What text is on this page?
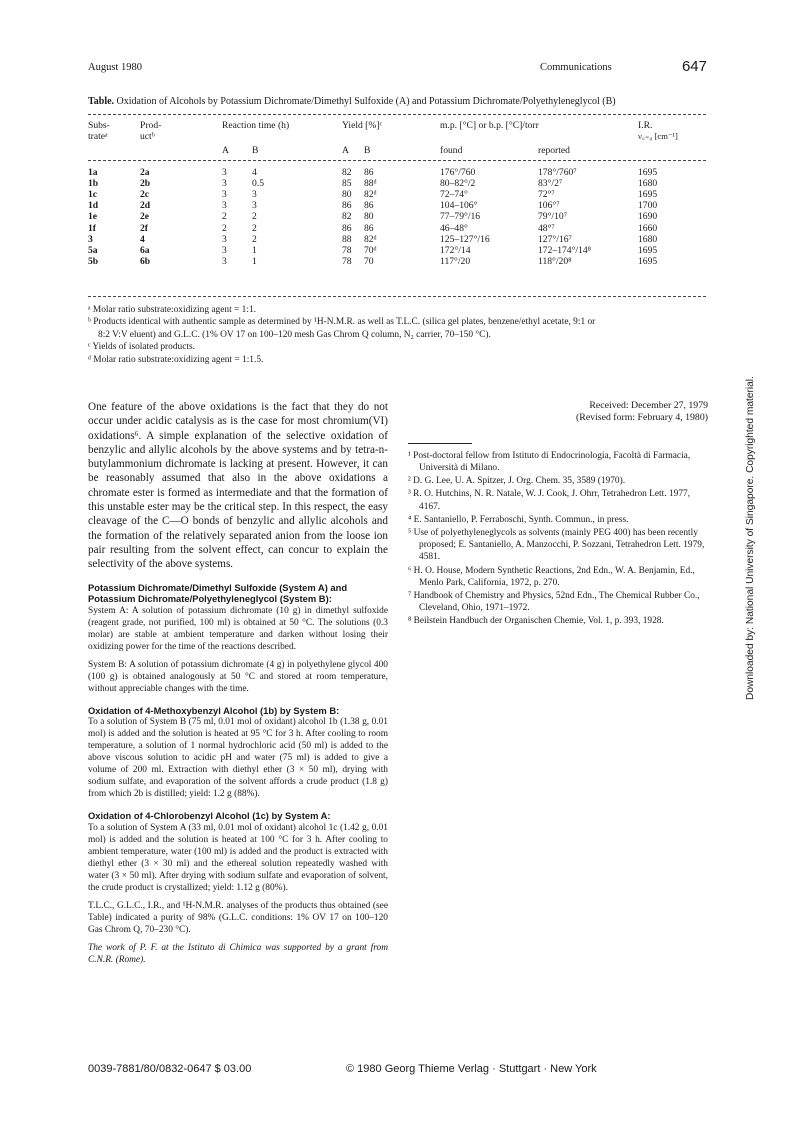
August 1980	Communications	647
Table. Oxidation of Alcohols by Potassium Dichromate/Dimethyl Sulfoxide (A) and Potassium Dichromate/Polyethyleneglycol (B)
Subs-
trateᵃ	Prod-
uctᵇ	Reaction time (h)		Yield [%]ᶜ		m.p. [°C] or b.p. [°C]/torr		I.R.
ν꜀₌₀ [cm⁻¹]
		A	B	A	B	found	reported	

1a	2a	3	4	82	86	176°/760	178°/760⁷	1695
1b	2b	3	0.5	85	88ᵈ	80–82°/2	83°/2⁷	1680
1c	2c	3	3	80	82ᵈ	72–74°	72°⁷	1695
1d	2d	3	3	86	86	104–106°	106°⁷	1700
1e	2e	2	2	82	80	77–79°/16	79°/10⁷	1690
1f	2f	2	2	86	86	46–48°	48°⁷	1660
3	4	3	2	88	82ᵈ	125–127°/16	127°/16⁷	1680
5a	6a	3	1	78	70ᵈ	172°/14	172–174°/14⁸	1695
5b	6b	3	1	78	70	117°/20	118°/20⁸	1695
ᵃ Molar ratio substrate:oxidizing agent = 1:1.
ᵇ Products identical with authentic sample as determined by ¹H-N.M.R. as well as T.L.C. (silica gel plates, benzene/ethyl acetate, 9:1 or
8:2 V:V eluent) and G.L.C. (1% OV 17 on 100–120 mesh Gas Chrom Q column, N₂ carrier, 70–150 °C).
ᶜ Yields of isolated products.
ᵈ Molar ratio substrate:oxidizing agent = 1:1.5.

One feature of the above oxidations is the fact that they do not occur under acidic catalysis as is the case for most chromium(VI) oxidations⁶. A simple explanation of the selective oxidation of benzylic and allylic alcohols by the above systems and by tetra-n-butylammonium dichromate is lacking at present. However, it can be reasonably assumed that also in the above oxidations a chromate ester is formed as intermediate and that the formation of this unstable ester may be the critical step. In this respect, the easy cleavage of the C—O bonds of benzylic and allylic alcohols and the formation of the relatively separated anion from the loose ion pair resulting from the solvent effect, can concur to explain the selectivity of the above systems.

Potassium Dichromate/Dimethyl Sulfoxide (System A) and Potassium Dichromate/Polyethyleneglycol (System B):

System A: A solution of potassium dichromate (10 g) in dimethyl sulfoxide (reagent grade, not purified, 100 ml) is obtained at 50 °C. The solutions (0.3 molar) are stable at ambient temperature and darken without losing their oxidizing power for the time of the reactions described.

System B: A solution of potassium dichromate (4 g) in polyethylene glycol 400 (100 g) is obtained analogously at 50 °C and stored at room temperature, without appreciable changes with the time.

Oxidation of 4-Methoxybenzyl Alcohol (1b) by System B:

To a solution of System B (75 ml, 0.01 mol of oxidant) alcohol 1b (1.38 g, 0.01 mol) is added and the solution is heated at 95 °C for 3 h. After cooling to room temperature, a solution of 1 normal hydrochloric acid (50 ml) is added to the above viscous solution to acidic pH and water (75 ml) is added to give a volume of 200 ml. Extraction with diethyl ether (3 × 50 ml), drying with sodium sulfate, and evaporation of the solvent affords a crude product (1.8 g) from which 2b is distilled; yield: 1.2 g (88%).

Oxidation of 4-Chlorobenzyl Alcohol (1c) by System A:

To a solution of System A (33 ml, 0.01 mol of oxidant) alcohol 1c (1.42 g, 0.01 mol) is added and the solution is heated at 100 °C for 3 h. After cooling to ambient temperature, water (100 ml) is added and the product is extracted with diethyl ether (3 × 30 ml) and the ethereal solution repeatedly washed with water (3 × 50 ml). After drying with sodium sulfate and evaporation of solvent, the crude product is crystallized; yield: 1.12 g (80%).

T.L.C., G.L.C., I.R., and ¹H-N.M.R. analyses of the products thus obtained (see Table) indicated a purity of 98% (G.L.C. conditions: 1% OV 17 on 100–120 Gas Chrom Q, 70–230 °C).

The work of P. F. at the Istituto di Chimica was supported by a grant from C.N.R. (Rome).

Received: December 27, 1979
(Revised form: February 4, 1980)
¹ Post-doctoral fellow from Istituto di Endocrinologia, Facoltà di Farmacia, Università di Milano.
² D. G. Lee, U. A. Spitzer, J. Org. Chem. 35, 3589 (1970).
³ R. O. Hutchins, N. R. Natale, W. J. Cook, J. Ohrr, Tetrahedron Lett. 1977, 4167.
⁴ E. Santaniello, P. Ferraboschi, Synth. Commun., in press.
⁵ Use of polyethyleneglycols as solvents (mainly PEG 400) has been recently proposed; E. Santaniello, A. Manzocchi, P. Sozzani, Tetrahedron Lett. 1979, 4581.
⁶ H. O. House, Modern Synthetic Reactions, 2nd Edn., W. A. Benjamin, Ed., Menlo Park, California, 1972, p. 270.
⁷ Handbook of Chemistry and Physics, 52nd Edn., The Chemical Rubber Co., Cleveland, Ohio, 1971–1972.
⁸ Beilstein Handbuch der Organischen Chemie, Vol. 1, p. 393, 1928.
0039-7881/80/0832-0647 $ 03.00	© 1980 Georg Thieme Verlag · Stuttgart · New York
Downloaded by: National University of Singapore. Copyrighted material.
